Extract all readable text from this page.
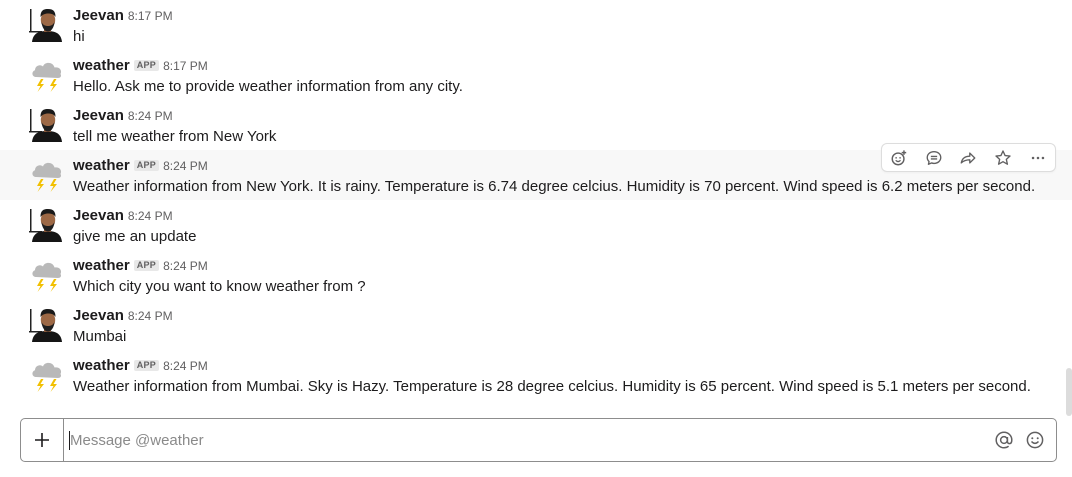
Jeevan 8:17 PM
hi
weather APP 8:17 PM
Hello. Ask me to provide weather information from any city.
Jeevan 8:24 PM
tell me weather from New York
weather APP 8:24 PM
Weather information from New York. It is rainy. Temperature is 6.74 degree celcius. Humidity is 70 percent. Wind speed is 6.2 meters per second.
Jeevan 8:24 PM
give me an update
weather APP 8:24 PM
Which city you want to know weather from ?
Jeevan 8:24 PM
Mumbai
weather APP 8:24 PM
Weather information from Mumbai. Sky is Hazy. Temperature is 28 degree celcius. Humidity is 65 percent. Wind speed is 5.1 meters per second.
Message @weather
